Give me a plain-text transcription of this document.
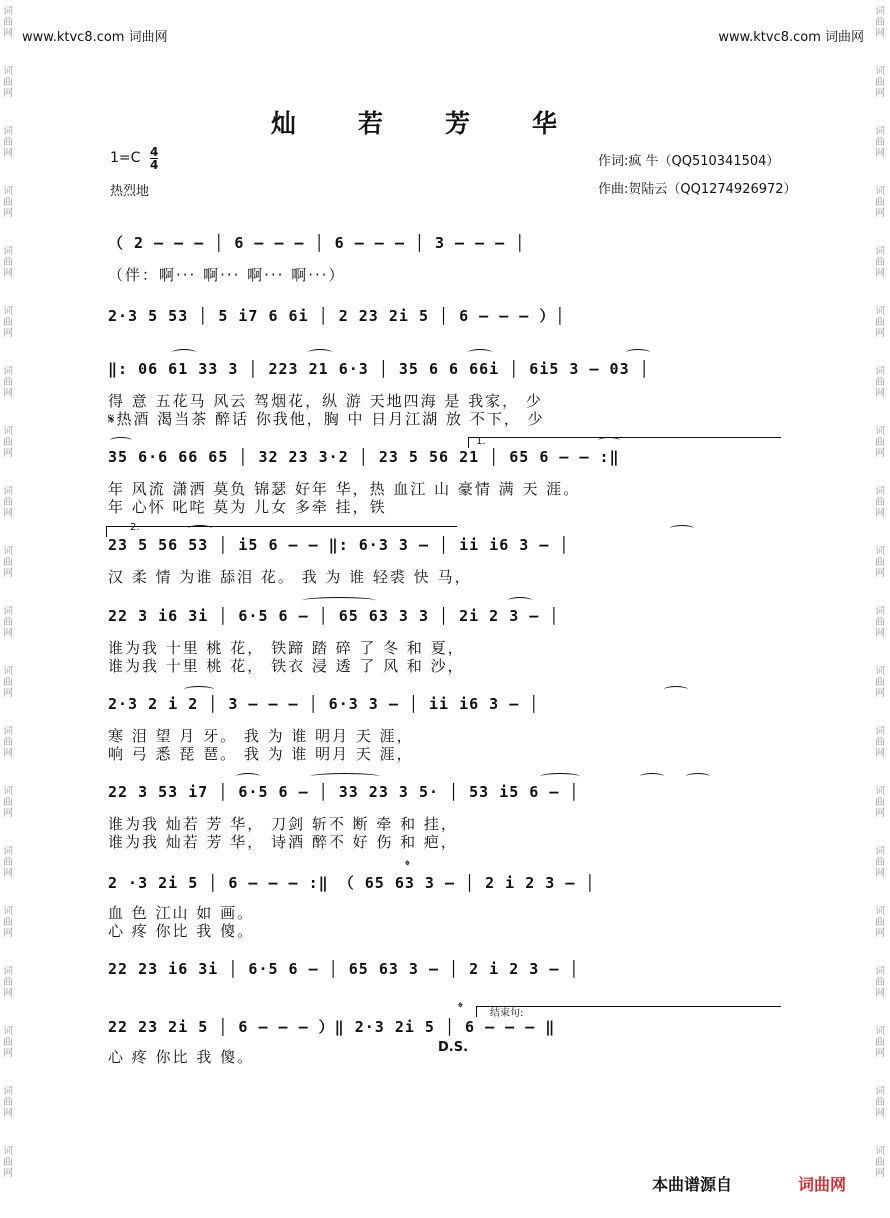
词
曲
网
词
曲
网
词
曲
网
词
曲
网
词
曲
网
词
曲
网
词
曲
网
词
曲
网
词
曲
网
词
曲
网
词
曲
网
词
曲
网
词
曲
网
词
曲
网
词
曲
网
词
曲
网
词
曲
网
词
曲
网
词
曲
网
词
曲
网
词
曲
网
词
曲
网
词
曲
网
词
曲
网
词
曲
网
词
曲
网
词
曲
网
词
曲
网
词
曲
网
词
曲
网
词
曲
网
词
曲
网
词
曲
网
词
曲
网
词
曲
网
词
曲
网
词
曲
网
词
曲
网
词
曲
网
词
曲
网
www.ktvc8.com 词曲网	www.ktvc8.com 词曲网
灿若芳华
$1=C \frac{4}{4}$
热烈地
作词:疯 牛（QQ510341504）
作曲:贺陆云（QQ1274926972）
（ 2 — — — │ 6 — — — │ 6 — — — │ 3 — — — │
（伴：啊··· 啊··· 啊··· 啊···）
2·3 5 53 │ 5 i7 6 6i │ 2 23 2i 5 │ 6 — — — ）│
‖: 06 61 33 3 │ 223 21 6·3 │ 35 6 6 66i │ 6i5 3 — 03 │
得 意 五花马 风云 驾烟花，纵 游 天地四海 是 我家， 少
𝄋热酒 渴当茶 醉话 你我他，胸 中 日月江湖 放 不下， 少
35 6·6 66 65 │ 32 23 3·2 │ 23 5 56 21 │ 65 6 — — :‖
年 风流 潇洒 莫负 锦瑟 好年 华，热 血江 山 豪情 满 天 涯。
年 心怀 叱咤 莫为 儿女 多牵 挂，铁
23 5 56 53 │ i5 6 — — ‖: 6·3 3 — │ ii i6 3 — │
汉 柔 情 为谁 舔泪 花。 我 为 谁 轻裘 快 马，
22 3 i6 3i │ 6·5 6 — │ 65 63 3 3 │ 2i 2 3 — │
谁为我 十里 桃 花， 铁蹄 踏 碎 了 冬 和 夏，
谁为我 十里 桃 花， 铁衣 浸 透 了 风 和 沙，
2·3 2 i 2 │ 3 — — — │ 6·3 3 — │ ii i6 3 — │
寒 泪 望 月 牙。 我 为 谁 明月 天 涯，
响 弓 悉 琵 琶。 我 为 谁 明月 天 涯，
22 3 53 i7 │ 6·5 6 — │ 33 23 3 5· │ 53 i5 6 — │
谁为我 灿若 芳 华， 刀剑 斩不 断 牵 和 挂，
谁为我 灿若 芳 华， 诗酒 醉不 好 伤 和 疤，
2 ·3 2i 5 │ 6 — — — :‖ （ 65 63 3 — │ 2 i 2 3 — │
血 色 江山 如 画。
心 疼 你比 我 傻。
22 23 i6 3i │ 6·5 6 — │ 65 63 3 — │ 2 i 2 3 — │
22 23 2i 5 │ 6 — — — ）‖ 2·3 2i 5 │ 6 — — — ‖
心 疼 你比 我 傻。
1.
2.
结束句:
𝄌
𝄌
D.S.
本曲谱源自	词曲网
